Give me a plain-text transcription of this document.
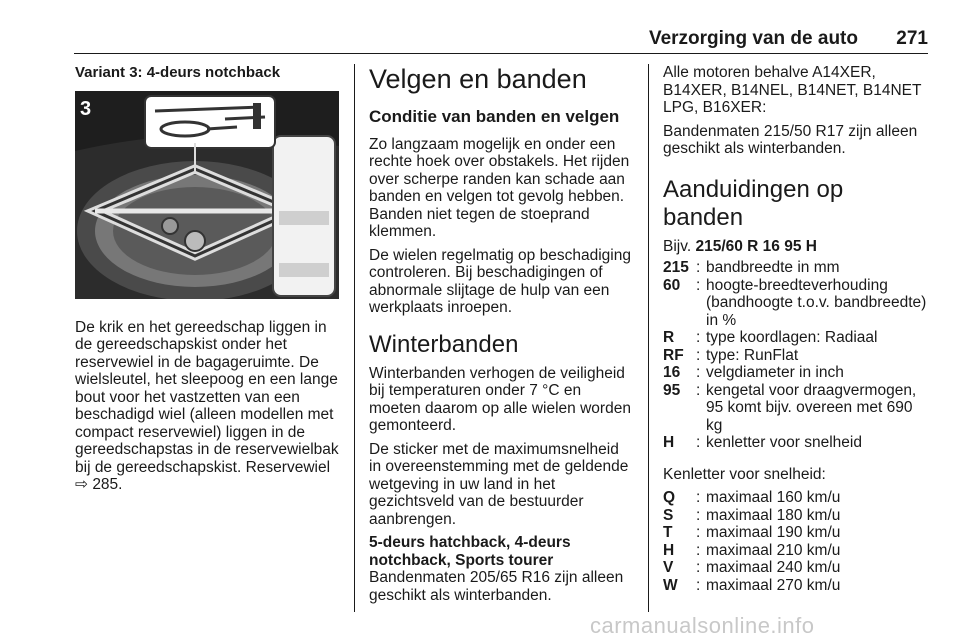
Verzorging van de auto 271
Variant 3: 4-deurs notchback
3

De krik en het gereedschap liggen in de gereedschapskist onder het reservewiel in de bagageruimte. De wielsleutel, het sleepoog en een lange bout voor het vastzetten van een beschadigd wiel (alleen modellen met compact reservewiel) liggen in de gereedschapstas in de reservewielbak bij de gereedschapskist. Reservewiel ⇨ 285.

Velgen en banden
Conditie van banden en velgen

Zo langzaam mogelijk en onder een rechte hoek over obstakels. Het rijden over scherpe randen kan schade aan banden en velgen tot gevolg hebben. Banden niet tegen de stoeprand klemmen.

De wielen regelmatig op beschadiging controleren. Bij beschadigingen of abnormale slijtage de hulp van een werkplaats inroepen.

Winterbanden

Winterbanden verhogen de veiligheid bij temperaturen onder 7 °C en moeten daarom op alle wielen worden gemonteerd.

De sticker met de maximumsnelheid in overeenstemming met de geldende wetgeving in uw land in het gezichtsveld van de bestuurder aanbrengen.

5-deurs hatchback, 4-deurs notchback, Sports tourer

Bandenmaten 205/65 R16 zijn alleen geschikt als winterbanden.

Alle motoren behalve A14XER, B14XER, B14NEL, B14NET, B14NET LPG, B16XER:

Bandenmaten 215/50 R17 zijn alleen geschikt als winterbanden.

Aanduidingen op banden

Bijv. 215/60 R 16 95 H

215 : bandbreedte in mm
60	: hoogte-breedteverhouding (bandhoogte t.o.v. bandbreedte) in %
R	: type koordlagen: Radiaal
RF : type: RunFlat
16	: velgdiameter in inch
95	: kengetal voor draagvermogen, 95 komt bijv. overeen met 690 kg
H	: kenletter voor snelheid

Kenletter voor snelheid:

Q	: maximaal 160 km/u
S	: maximaal 180 km/u
T	: maximaal 190 km/u
H	: maximaal 210 km/u
V	: maximaal 240 km/u
W	: maximaal 270 km/u
carmanualsonline.info
